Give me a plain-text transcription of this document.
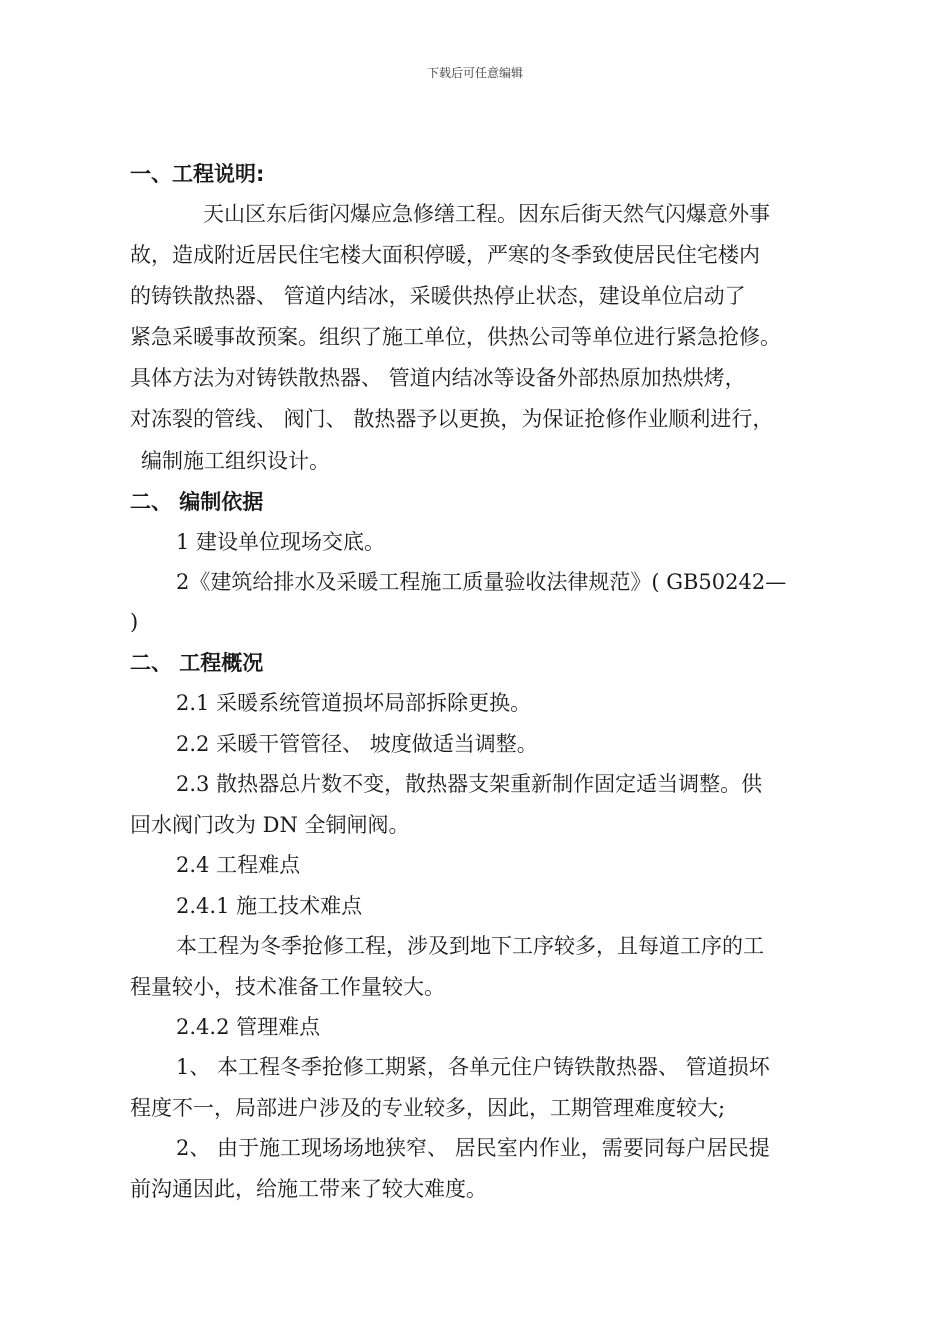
下载后可任意编辑
一、工程说明:
天山区东后街闪爆应急修缮工程。因东后街天然气闪爆意外事
故，造成附近居民住宅楼大面积停暖，严寒的冬季致使居民住宅楼内
的铸铁散热器、 管道内结冰，采暖供热停止状态，建设单位启动了
紧急采暖事故预案。组织了施工单位，供热公司等单位进行紧急抢修。
具体方法为对铸铁散热器、 管道内结冰等设备外部热原加热烘烤，
对冻裂的管线、 阀门、 散热器予以更换，为保证抢修作业顺利进行，
编制施工组织设计。
二、 编制依据
1 建设单位现场交底。
2《建筑给排水及采暖工程施工质量验收法律规范》( GB50242—
)
二、 工程概况
2.1 采暖系统管道损坏局部拆除更换。
2.2 采暖干管管径、 坡度做适当调整。
2.3 散热器总片数不变，散热器支架重新制作固定适当调整。供
回水阀门改为 DN 全铜闸阀。
2.4 工程难点
2.4.1 施工技术难点
本工程为冬季抢修工程，涉及到地下工序较多，且每道工序的工
程量较小，技术准备工作量较大。
2.4.2 管理难点
1、 本工程冬季抢修工期紧，各单元住户铸铁散热器、 管道损坏
程度不一，局部进户涉及的专业较多，因此，工期管理难度较大;
2、 由于施工现场场地狭窄、 居民室内作业，需要同每户居民提
前沟通因此，给施工带来了较大难度。
